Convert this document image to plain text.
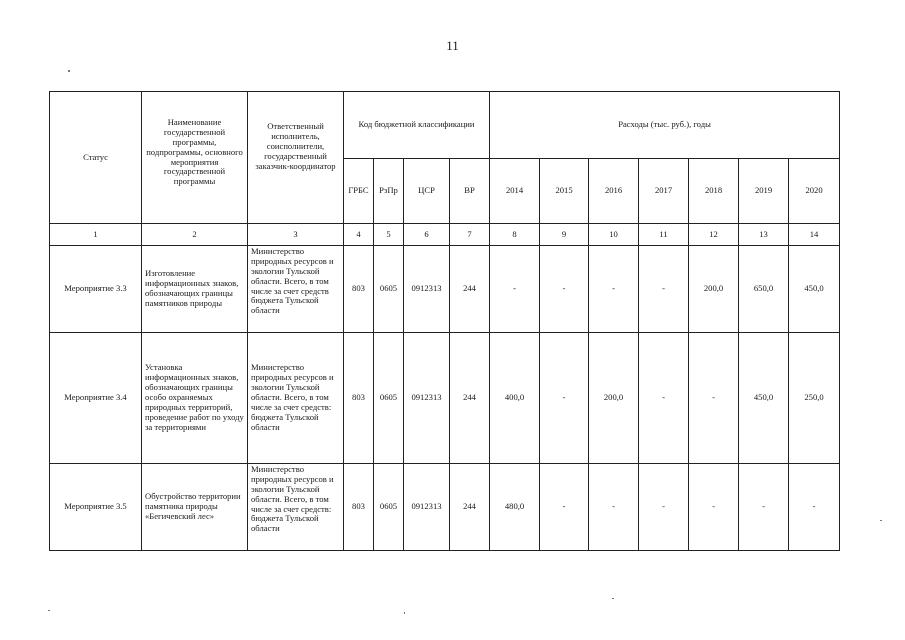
11
Статус	Наименование государственной программы, подпрограммы, основного мероприятия государственной программы	Ответственный исполнитель, соисполнители, государственный заказчик-координатор	Код бюджетной классификации				Расходы (тыс. руб.), годы						
			ГРБС	РзПр	ЦСР	ВР	2014	2015	2016	2017	2018	2019	2020
1	2	3	4	5	6	7	8	9	10	11	12	13	14
Мероприятие 3.3	Изготовление информационных знаков, обозначающих границы памятников природы	Министерство природных ресурсов и экологии Тульской области. Всего, в том числе за счет средств бюджета Тульской области	803	0605	0912313	244	-	-	-	-	200,0	650,0	450,0
Мероприятие 3.4	Установка информационных знаков, обозначающих границы особо охраняемых природных территорий, проведение работ по уходу за территориями	Министерство природных ресурсов и экологии Тульской области. Всего, в том числе за счет средств: бюджета Тульской области	803	0605	0912313	244	400,0	-	200,0	-	-	450,0	250,0
Мероприятие 3.5	Обустройство территории памятника природы «Бегичевский лес»	Министерство природных ресурсов и экологии Тульской области. Всего, в том числе за счет средств: бюджета Тульской области	803	0605	0912313	244	480,0	-	-	-	-	-	-
